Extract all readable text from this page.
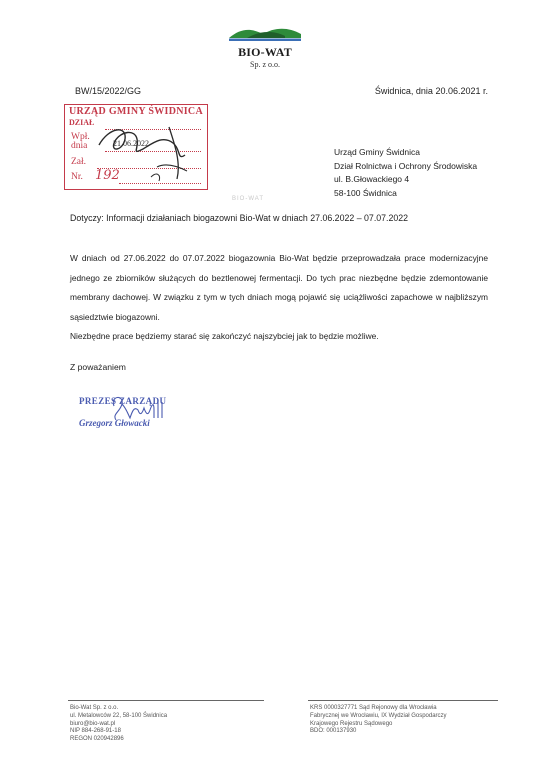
BIO-WAT
Sp. z o.o.
BW/15/2022/GG	Świdnica, dnia 20.06.2021 r.
URZĄD GMINY ŚWIDNICA
DZIAŁ
Wpł.
dnia	21.06.2022
Zał.
Nr. 192
BIO-WAT
Urząd Gminy Świdnica
Dział Rolnictwa i Ochrony Środowiska
ul. B.Głowackiego 4
58-100 Świdnica
Dotyczy: Informacji działaniach biogazowni Bio-Wat w dniach 27.06.2022 – 07.07.2022

W dniach od 27.06.2022 do 07.07.2022 biogazownia Bio-Wat będzie przeprowadzała prace modernizacyjne jednego ze zbiorników służących do beztlenowej fermentacji. Do tych prac niezbędne będzie zdemontowanie membrany dachowej. W związku z tym w tych dniach mogą pojawić się uciążliwości zapachowe w najbliższym sąsiedztwie biogazowni.

Niezbędne prace będziemy starać się zakończyć najszybciej jak to będzie możliwe.

Z poważaniem
PREZES ZARZĄDU
Grzegorz Głowacki
Bio-Wat Sp. z o.o.
ul. Metalowców 22, 58-100 Świdnica
biuro@bio-wat.pl
NIP 884-268-91-18
REGON 020942896
KRS 0000327771 Sąd Rejonowy dla Wrocławia
Fabrycznej we Wrocławiu, IX Wydział Gospodarczy
Krajowego Rejestru Sądowego
BDO: 000137930
